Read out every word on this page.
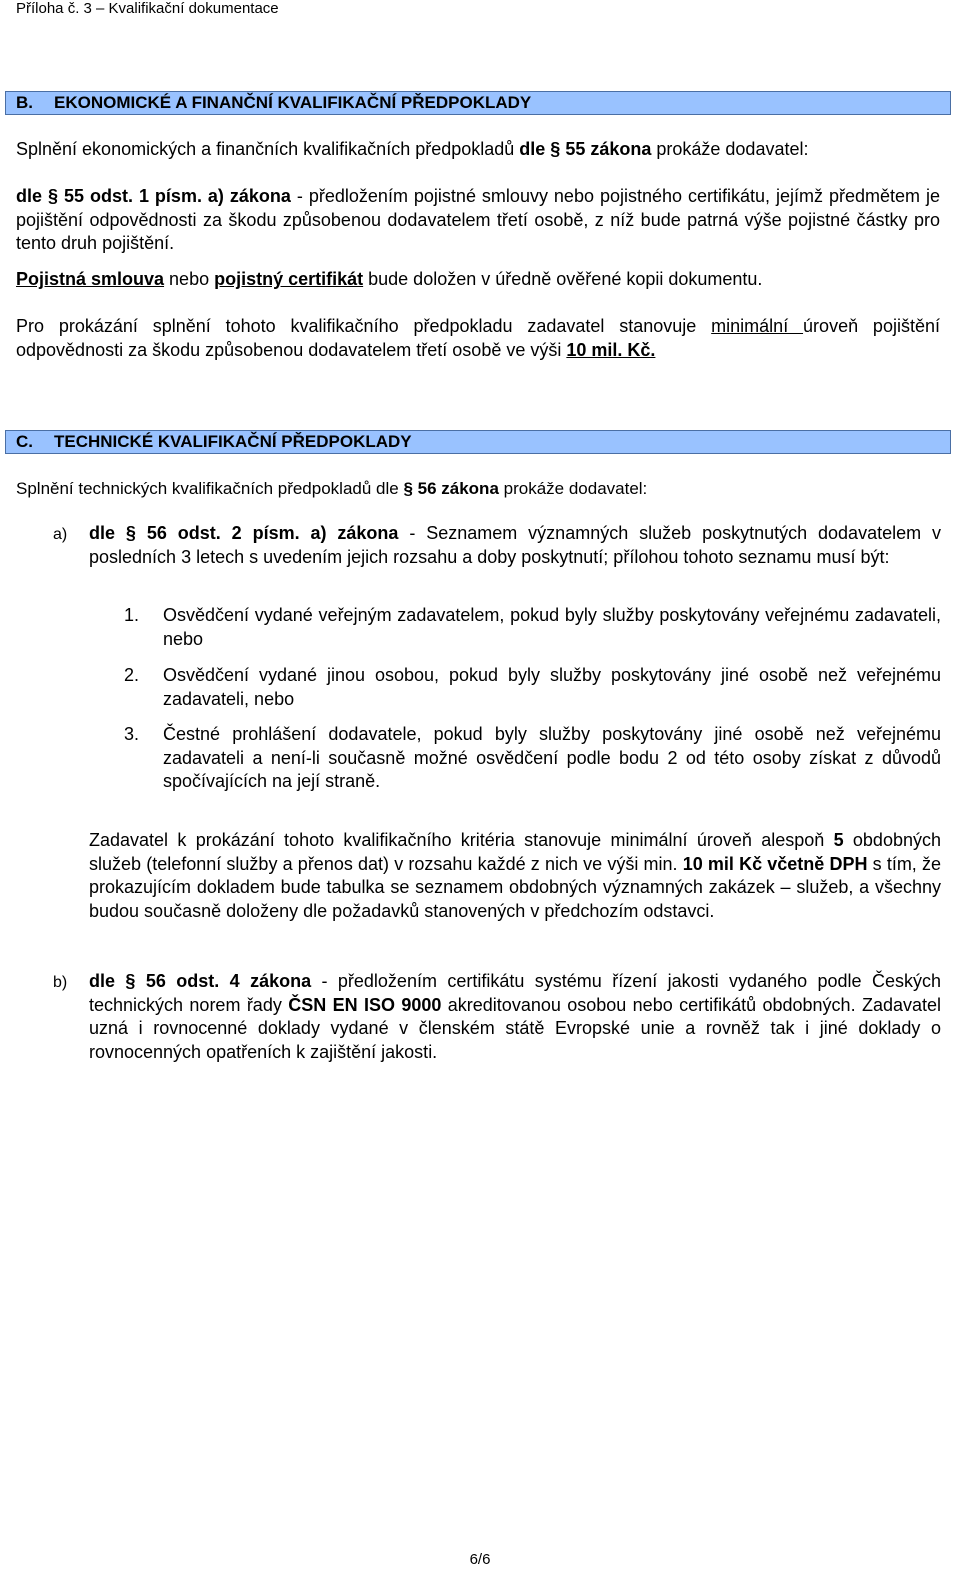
Příloha č. 3 – Kvalifikační dokumentace
B. EKONOMICKÉ A FINANČNÍ KVALIFIKAČNÍ PŘEDPOKLADY
Splnění ekonomických a finančních kvalifikačních předpokladů dle § 55 zákona prokáže dodavatel:
dle § 55 odst. 1 písm. a) zákona - předložením pojistné smlouvy nebo pojistného certifikátu, jejímž předmětem je pojištění odpovědnosti za škodu způsobenou dodavatelem třetí osobě, z níž bude patrná výše pojistné částky pro tento druh pojištění.
Pojistná smlouva nebo pojistný certifikát bude doložen v úředně ověřené kopii dokumentu.
Pro prokázání splnění tohoto kvalifikačního předpokladu zadavatel stanovuje minimální úroveň pojištění odpovědnosti za škodu způsobenou dodavatelem třetí osobě ve výši 10 mil. Kč.
C. TECHNICKÉ KVALIFIKAČNÍ PŘEDPOKLADY
Splnění technických kvalifikačních předpokladů dle § 56 zákona prokáže dodavatel:
a) dle § 56 odst. 2 písm. a) zákona - Seznamem významných služeb poskytnutých dodavatelem v posledních 3 letech s uvedením jejich rozsahu a doby poskytnutí; přílohou tohoto seznamu musí být:
1. Osvědčení vydané veřejným zadavatelem, pokud byly služby poskytovány veřejnému zadavateli, nebo
2. Osvědčení vydané jinou osobou, pokud byly služby poskytovány jiné osobě než veřejnému zadavateli, nebo
3. Čestné prohlášení dodavatele, pokud byly služby poskytovány jiné osobě než veřejnému zadavateli a není-li současně možné osvědčení podle bodu 2 od této osoby získat z důvodů spočívajících na její straně.
Zadavatel k prokázání tohoto kvalifikačního kritéria stanovuje minimální úroveň alespoň 5 obdobných služeb (telefonní služby a přenos dat) v rozsahu každé z nich ve výši min. 10 mil Kč včetně DPH s tím, že prokazujícím dokladem bude tabulka se seznamem obdobných významných zakázek – služeb, a všechny budou současně doloženy dle požadavků stanovených v předchozím odstavci.
b) dle § 56 odst. 4 zákona - předložením certifikátu systému řízení jakosti vydaného podle Českých technických norem řady ČSN EN ISO 9000 akreditovanou osobou nebo certifikátů obdobných. Zadavatel uzná i rovnocenné doklady vydané v členském státě Evropské unie a rovněž tak i jiné doklady o rovnocenných opatřeních k zajištění jakosti.
6/6
